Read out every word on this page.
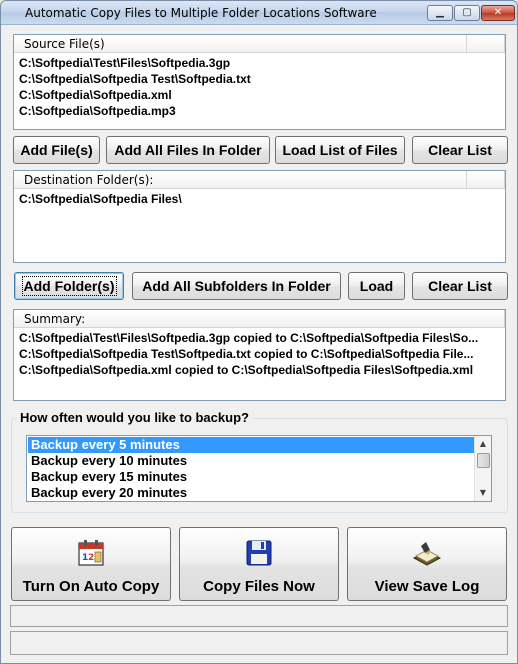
Automatic Copy Files to Multiple Folder Locations Software	▁	▢	✕
Source File(s)
C:\Softpedia\Test\Files\Softpedia.3gp
C:\Softpedia\Softpedia Test\Softpedia.txt
C:\Softpedia\Softpedia.xml
C:\Softpedia\Softpedia.mp3
Add File(s)	Add All Files In Folder	Load List of Files	Clear List
Destination Folder(s):
C:\Softpedia\Softpedia Files\
Add Folder(s)	Add All Subfolders In Folder	Load	Clear List
Summary:
C:\Softpedia\Test\Files\Softpedia.3gp copied to C:\Softpedia\Softpedia Files\So...
C:\Softpedia\Softpedia Test\Softpedia.txt copied to C:\Softpedia\Softpedia File...
C:\Softpedia\Softpedia.xml copied to C:\Softpedia\Softpedia Files\Softpedia.xml
How often would you like to backup?
Backup every 5 minutes
Backup every 10 minutes
Backup every 15 minutes
Backup every 20 minutes
▲
▼
1 2
Turn On Auto Copy	Copy Files Now	View Save Log
